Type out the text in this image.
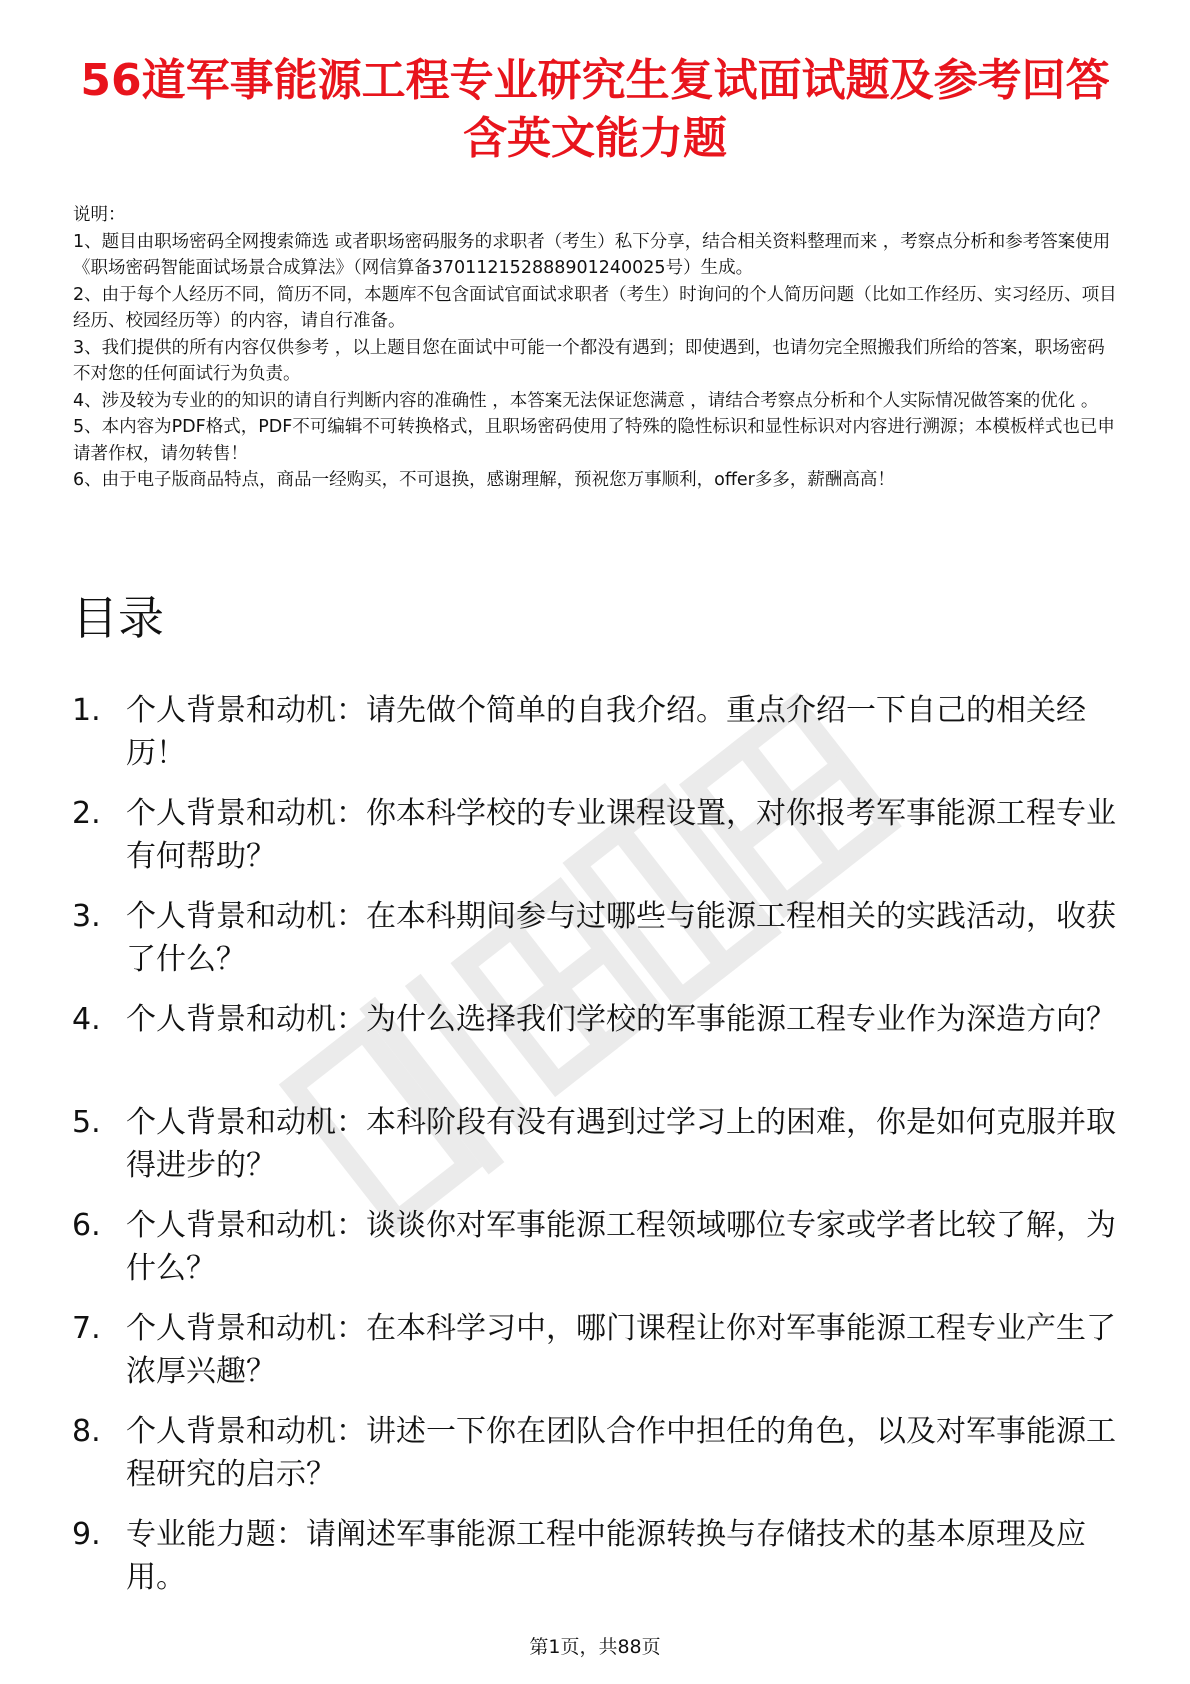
56道军事能源工程专业研究生复试面试题及参考回答含英文能力题

说明：

1、题目由职场密码全网搜索筛选 或者职场密码服务的求职者（考生）私下分享，结合相关资料整理而来 ，考察点分析和参考答案使用《职场密码智能面试场景合成算法》（网信算备370112152888901240025号）生成。

2、由于每个人经历不同，简历不同，本题库不包含面试官面试求职者（考生）时询问的个人简历问题（比如工作经历、实习经历、项目经历、校园经历等）的内容，请自行准备。

3、我们提供的所有内容仅供参考 ，以上题目您在面试中可能一个都没有遇到；即使遇到，也请勿完全照搬我们所给的答案，职场密码不对您的任何面试行为负责。

4、涉及较为专业的的知识的请自行判断内容的准确性 ，本答案无法保证您满意 ，请结合考察点分析和个人实际情况做答案的优化 。

5、本内容为PDF格式，PDF不可编辑不可转换格式，且职场密码使用了特殊的隐性标识和显性标识对内容进行溯源；本模板样式也已申请著作权，请勿转售！

6、由于电子版商品特点，商品一经购买，不可退换，感谢理解，预祝您万事顺利，offer多多，薪酬高高！

目录
1. 个人背景和动机：请先做个简单的自我介绍。重点介绍一下自己的相关经历！
2. 个人背景和动机：你本科学校的专业课程设置，对你报考军事能源工程专业有何帮助？
3. 个人背景和动机：在本科期间参与过哪些与能源工程相关的实践活动，收获了什么？
4. 个人背景和动机：为什么选择我们学校的军事能源工程专业作为深造方向？
5. 个人背景和动机：本科阶段有没有遇到过学习上的困难，你是如何克服并取得进步的？
6. 个人背景和动机：谈谈你对军事能源工程领域哪位专家或学者比较了解，为什么？
7. 个人背景和动机：在本科学习中，哪门课程让你对军事能源工程专业产生了浓厚兴趣？
8. 个人背景和动机：讲述一下你在团队合作中担任的角色，以及对军事能源工程研究的启示？
9. 专业能力题：请阐述军事能源工程中能源转换与存储技术的基本原理及应用。
第1页，共88页
